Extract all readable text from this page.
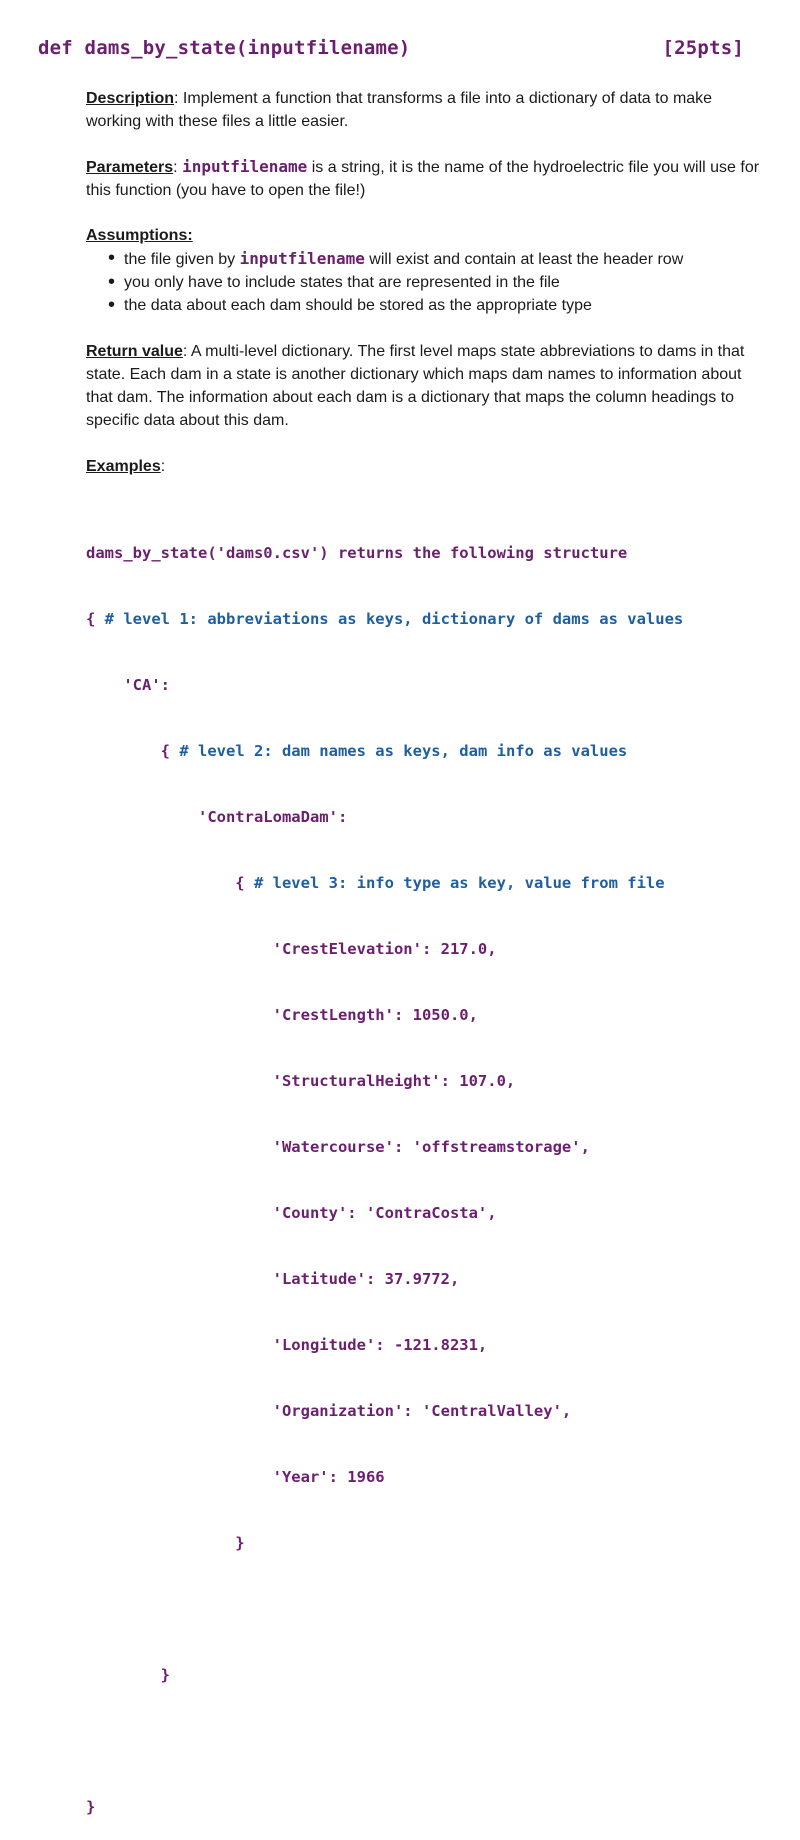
def dams_by_state(inputfilename)	[25pts]
Description: Implement a function that transforms a file into a dictionary of data to make working with these files a little easier.
Parameters: inputfilename is a string, it is the name of the hydroelectric file you will use for this function (you have to open the file!)
Assumptions:
• the file given by inputfilename will exist and contain at least the header row
• you only have to include states that are represented in the file
• the data about each dam should be stored as the appropriate type
Return value: A multi-level dictionary. The first level maps state abbreviations to dams in that state. Each dam in a state is another dictionary which maps dam names to information about that dam. The information about each dam is a dictionary that maps the column headings to specific data about this dam.
Examples:

dams_by_state('dams0.csv') returns the following structure

{ # level 1: abbreviations as keys, dictionary of dams as values

'CA':

{ # level 2: dam names as keys, dam info as values

'ContraLomaDam':

{ # level 3: info type as key, value from file

'CrestElevation': 217.0,

'CrestLength': 1050.0,

'StructuralHeight': 107.0,

'Watercourse': 'offstreamstorage',

'County': 'ContraCosta',

'Latitude': 37.9772,

'Longitude': -121.8231,

'Organization': 'CentralValley',

'Year': 1966

}

}

}
